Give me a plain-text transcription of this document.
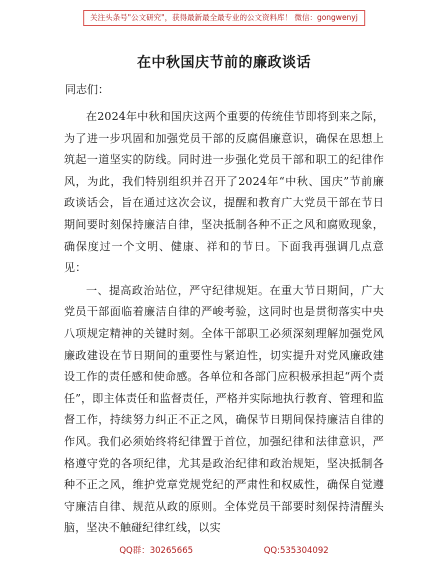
关注头条号"公文研究"，获得最新最全最专业的公文资料库！ 微信：gongwenyj
在中秋国庆节前的廉政谈话
同志们：

在2024年中秋和国庆这两个重要的传统佳节即将到来之际，为了进一步巩固和加强党员干部的反腐倡廉意识，确保在思想上筑起一道坚实的防线。同时进一步强化党员干部和职工的纪律作风，为此，我们特别组织并召开了2024年“中秋、国庆”节前廉政谈话会，旨在通过这次会议，提醒和教育广大党员干部在节日期间要时刻保持廉洁自律，坚决抵制各种不正之风和腐败现象，确保度过一个文明、健康、祥和的节日。下面我再强调几点意见：

一、提高政治站位，严守纪律规矩。在重大节日期间，广大党员干部面临着廉洁自律的严峻考验，这同时也是贯彻落实中央八项规定精神的关键时刻。全体干部职工必须深刻理解加强党风廉政建设在节日期间的重要性与紧迫性，切实提升对党风廉政建设工作的责任感和使命感。各单位和各部门应积极承担起“两个责任”，即主体责任和监督责任，严格并实际地执行教育、管理和监督工作，持续努力纠正不正之风，确保节日期间保持廉洁自律的作风。我们必须始终将纪律置于首位，加强纪律和法律意识，严格遵守党的各项纪律，尤其是政治纪律和政治规矩，坚决抵制各种不正之风，维护党章党规党纪的严肃性和权威性，确保自觉遵守廉洁自律、规范从政的原则。全体党员干部要时刻保持清醒头脑，坚决不触碰纪律红线，以实

QQ群：30265665	QQ:535304092
